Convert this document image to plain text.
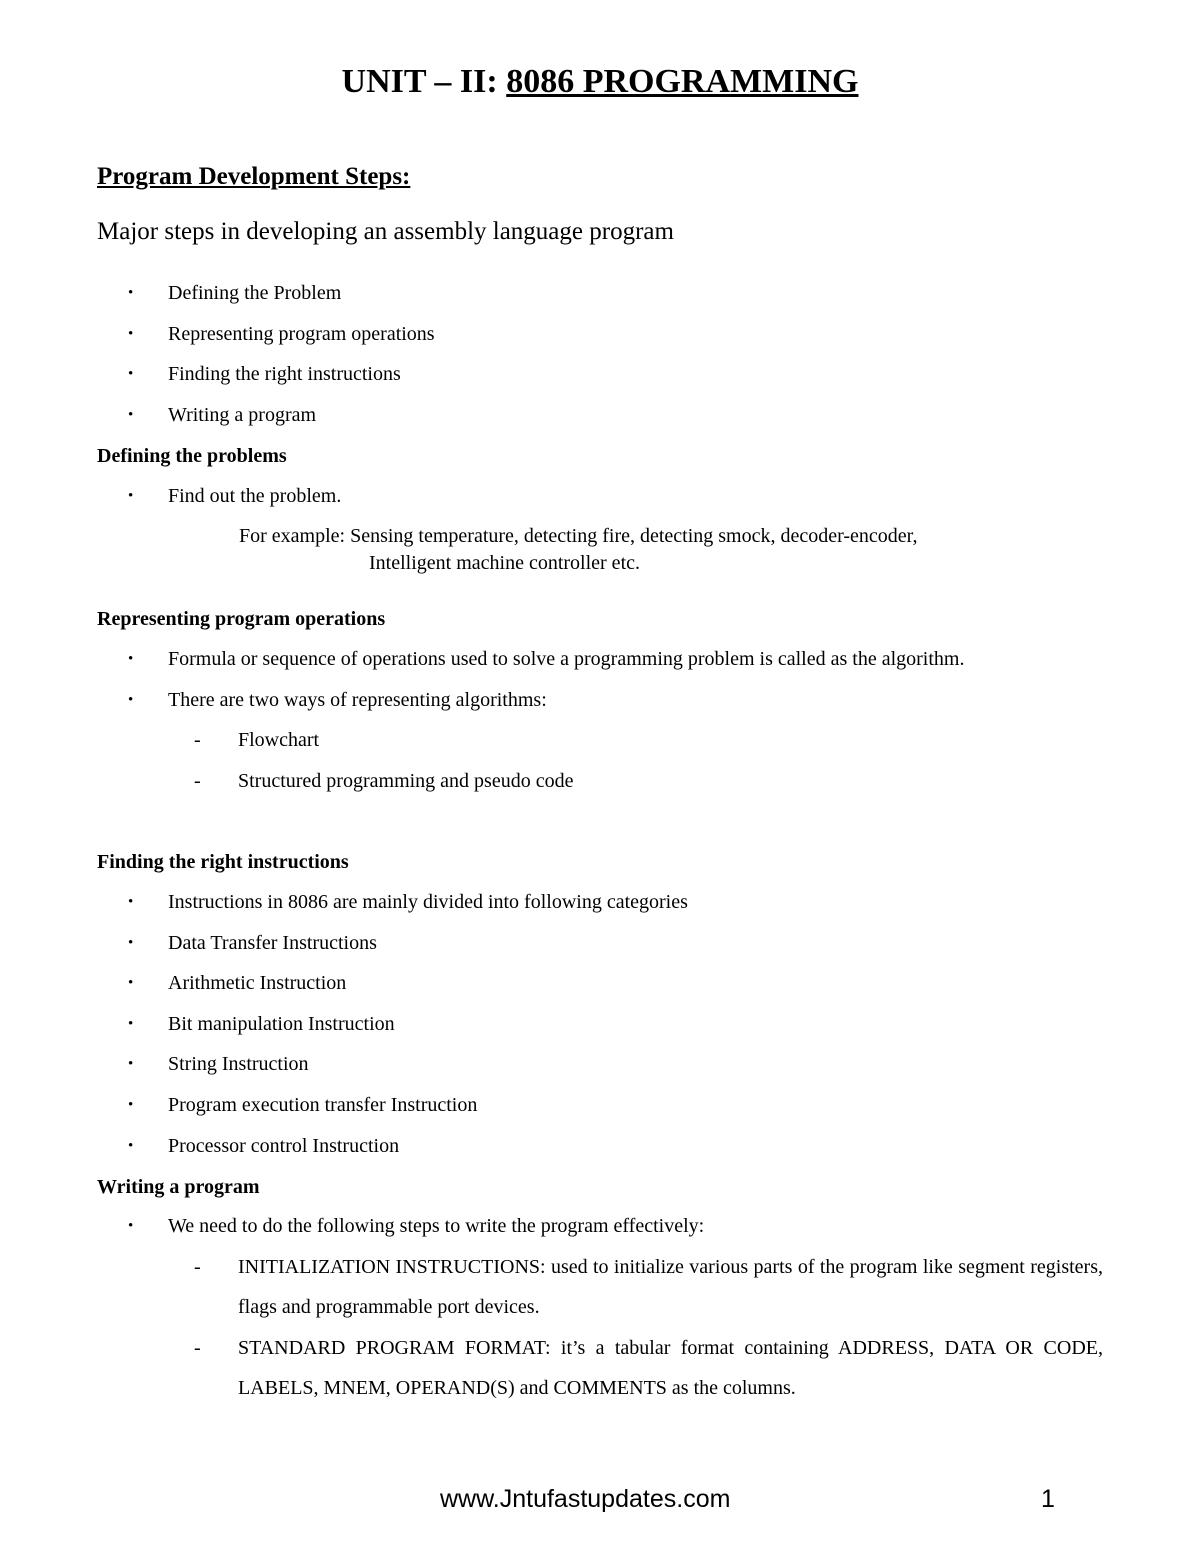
UNIT – II: 8086 PROGRAMMING

Program Development Steps:

Major steps in developing an assembly language program

• Defining the Problem
• Representing program operations
• Finding the right instructions
• Writing a program

Defining the problems

• Find out the problem.

For example: Sensing temperature, detecting fire, detecting smock, decoder-encoder,
Intelligent machine controller etc.

Representing program operations

• Formula or sequence of operations used to solve a programming problem is called as the algorithm.
• There are two ways of representing algorithms:
- Flowchart
- Structured programming and pseudo code

Finding the right instructions

• Instructions in 8086 are mainly divided into following categories
• Data Transfer Instructions
• Arithmetic Instruction
• Bit manipulation Instruction
• String Instruction
• Program execution transfer Instruction
• Processor control Instruction

Writing a program

• We need to do the following steps to write the program effectively:
- INITIALIZATION INSTRUCTIONS: used to initialize various parts of the program like segment registers, flags and programmable port devices.
- STANDARD PROGRAM FORMAT: it’s a tabular format containing ADDRESS, DATA OR CODE, LABELS, MNEM, OPERAND(S) and COMMENTS as the columns.

www.Jntufastupdates.com	1
